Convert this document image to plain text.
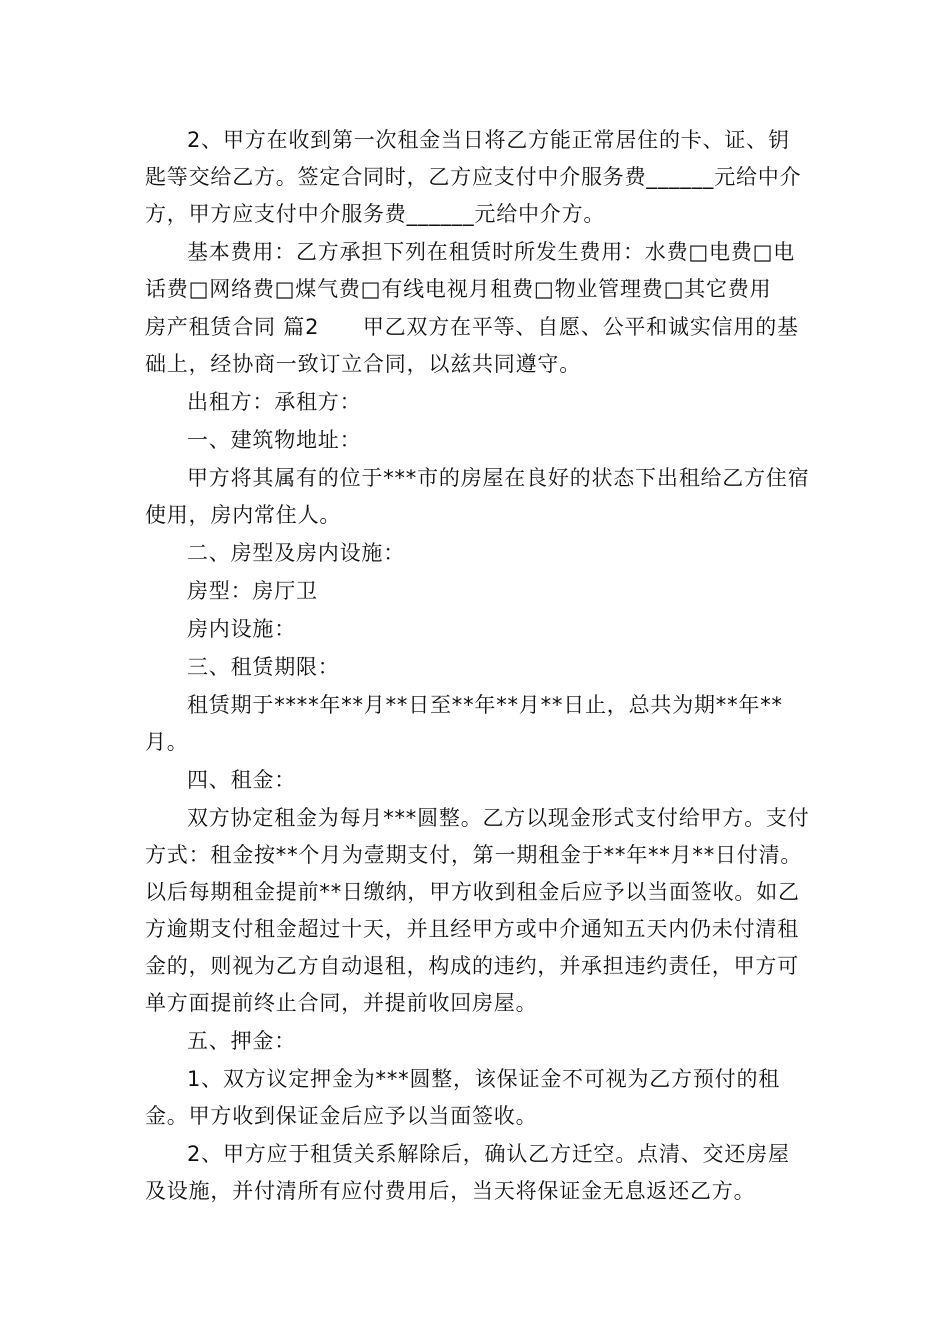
2、甲方在收到第一次租金当日将乙方能正常居住的卡、证、钥匙等交给乙方。签定合同时，乙方应支付中介服务费______元给中介方，甲方应支付中介服务费______元给中介方。

基本费用：乙方承担下列在租赁时所发生费用：水费□电费□电话费□网络费□煤气费□有线电视月租费□物业管理费□其它费用

房产租赁合同 篇2　　甲乙双方在平等、自愿、公平和诚实信用的基础上，经协商一致订立合同，以兹共同遵守。

出租方：承租方：

一、建筑物地址：

甲方将其属有的位于***市的房屋在良好的状态下出租给乙方住宿使用，房内常住人。

二、房型及房内设施：

房型：房厅卫

房内设施：

三、租赁期限：

租赁期于****年**月**日至**年**月**日止，总共为期**年**月。

四、租金：

双方协定租金为每月***圆整。乙方以现金形式支付给甲方。支付方式：租金按**个月为壹期支付，第一期租金于**年**月**日付清。以后每期租金提前**日缴纳，甲方收到租金后应予以当面签收。如乙方逾期支付租金超过十天，并且经甲方或中介通知五天内仍未付清租金的，则视为乙方自动退租，构成的违约，并承担违约责任，甲方可单方面提前终止合同，并提前收回房屋。

五、押金：

1、双方议定押金为***圆整，该保证金不可视为乙方预付的租金。甲方收到保证金后应予以当面签收。

2、甲方应于租赁关系解除后，确认乙方迁空。点清、交还房屋及设施，并付清所有应付费用后，当天将保证金无息返还乙方。
